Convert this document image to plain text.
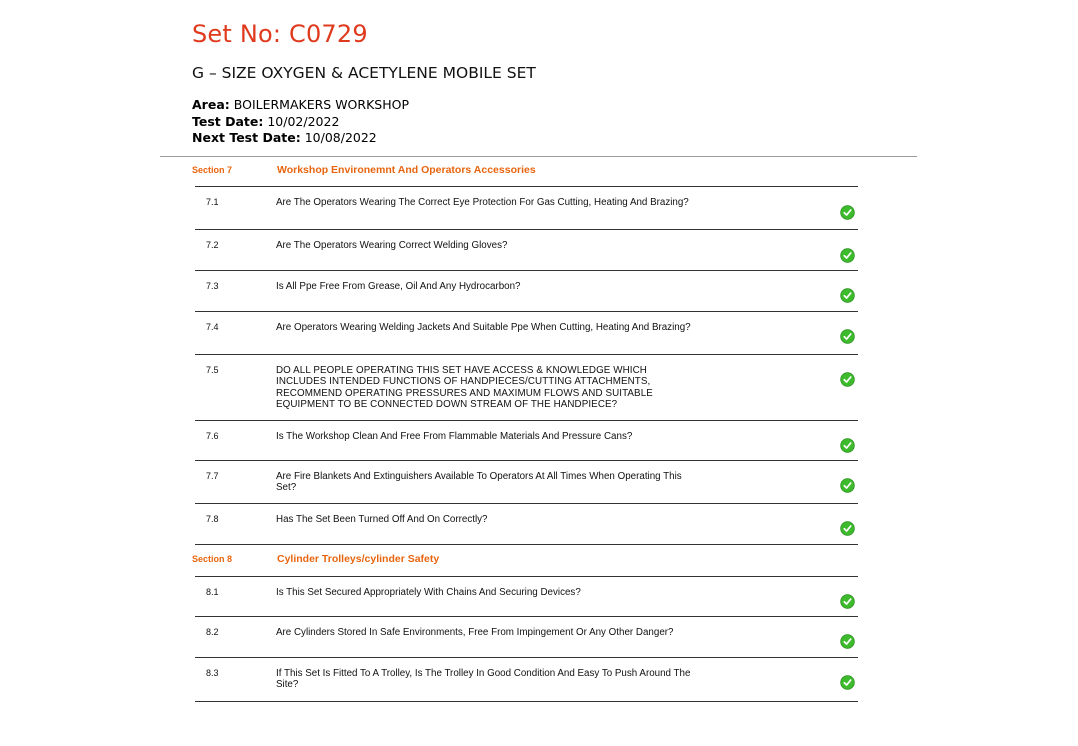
Set No: C0729
G – SIZE OXYGEN & ACETYLENE MOBILE SET
Area: BOILERMAKERS WORKSHOP
Test Date: 10/02/2022
Next Test Date: 10/08/2022
Section 7	Workshop Environemnt And Operators Accessories
7.1	Are The Operators Wearing The Correct Eye Protection For Gas Cutting, Heating And Brazing?
7.2	Are The Operators Wearing Correct Welding Gloves?
7.3	Is All Ppe Free From Grease, Oil And Any Hydrocarbon?
7.4	Are Operators Wearing Welding Jackets And Suitable Ppe When Cutting, Heating And Brazing?
7.5	DO ALL PEOPLE OPERATING THIS SET HAVE ACCESS & KNOWLEDGE WHICH INCLUDES INTENDED FUNCTIONS OF HANDPIECES/CUTTING ATTACHMENTS, RECOMMEND OPERATING PRESSURES AND MAXIMUM FLOWS AND SUITABLE EQUIPMENT TO BE CONNECTED DOWN STREAM OF THE HANDPIECE?
7.6	Is The Workshop Clean And Free From Flammable Materials And Pressure Cans?
7.7	Are Fire Blankets And Extinguishers Available To Operators At All Times When Operating This Set?
7.8	Has The Set Been Turned Off And On Correctly?
Section 8	Cylinder Trolleys/cylinder Safety
8.1	Is This Set Secured Appropriately With Chains And Securing Devices?
8.2	Are Cylinders Stored In Safe Environments, Free From Impingement Or Any Other Danger?
8.3	If This Set Is Fitted To A Trolley, Is The Trolley In Good Condition And Easy To Push Around The Site?
